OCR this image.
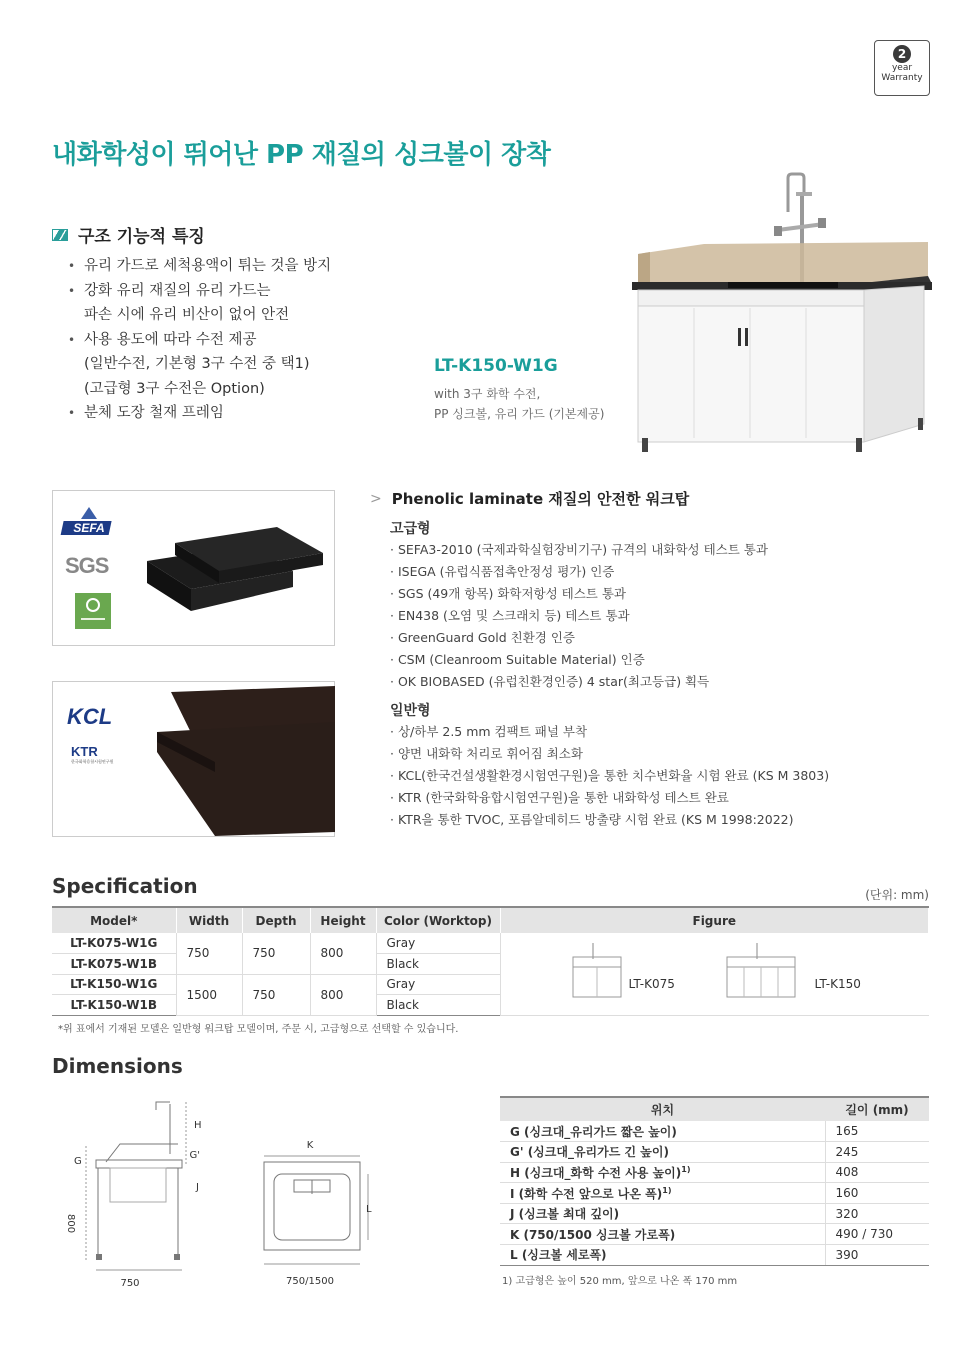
2
year
Warranty
내화학성이 뛰어난 PP 재질의 싱크볼이 장착
구조 기능적 특징
• 유리 가드로 세척용액이 튀는 것을 방지
• 강화 유리 재질의 유리 가드는
파손 시에 유리 비산이 없어 안전
• 사용 용도에 따라 수전 제공
(일반수전, 기본형 3구 수전 중 택1)
(고급형 3구 수전은 Option)
• 분체 도장 철재 프레임
LT-K150-W1G
with 3구 화학 수전,
PP 싱크볼, 유리 가드 (기본제공)
SEFA
SGS
KCL
KTR
한국화학융합시험연구원
> Phenolic laminate 재질의 안전한 워크탑
고급형
· SEFA3-2010 (국제과학실험장비기구) 규격의 내화학성 테스트 통과
· ISEGA (유럽식품접촉안정성 평가) 인증
· SGS (49개 항목) 화학저항성 테스트 통과
· EN438 (오염 및 스크래치 등) 테스트 통과
· GreenGuard Gold 친환경 인증
· CSM (Cleanroom Suitable Material) 인증
· OK BIOBASED (유럽친환경인증) 4 star(최고등급) 획득
일반형
· 상/하부 2.5 mm 컴팩트 패널 부착
· 양면 내화학 처리로 휘어짐 최소화
· KCL(한국건설생활환경시험연구원)을 통한 치수변화율 시험 완료 (KS M 3803)
· KTR (한국화학융합시험연구원)을 통한 내화학성 테스트 완료
· KTR을 통한 TVOC, 포름알데히드 방출량 시험 완료 (KS M 1998:2022)
Specification	(단위: mm)
Model*	Width	Depth	Height	Color (Worktop)	Figure
LT-K075-W1G	750	750	800	Gray	LT-K075 LT-K150

LT-K075-W1B				Black	
LT-K150-W1G	1500	750	800	Gray	
LT-K150-W1B				Black	
*위 표에서 기재된 모델은 일반형 워크탑 모델이며, 주문 시, 고급형으로 선택할 수 있습니다.
Dimensions
H
G
G'
J
800
750
K
L
750/1500
위치	길이 (mm)
G (싱크대_유리가드 짧은 높이)	165
G' (싱크대_유리가드 긴 높이)	245
H (싱크대_화학 수전 사용 높이)$^{1)}$	408
I (화학 수전 앞으로 나온 폭)$^{1)}$	160
J (싱크볼 최대 깊이)	320
K (750/1500 싱크볼 가로폭)	490 / 730
L (싱크볼 세로폭)	390
1) 고급형은 높이 520 mm, 앞으로 나온 폭 170 mm
